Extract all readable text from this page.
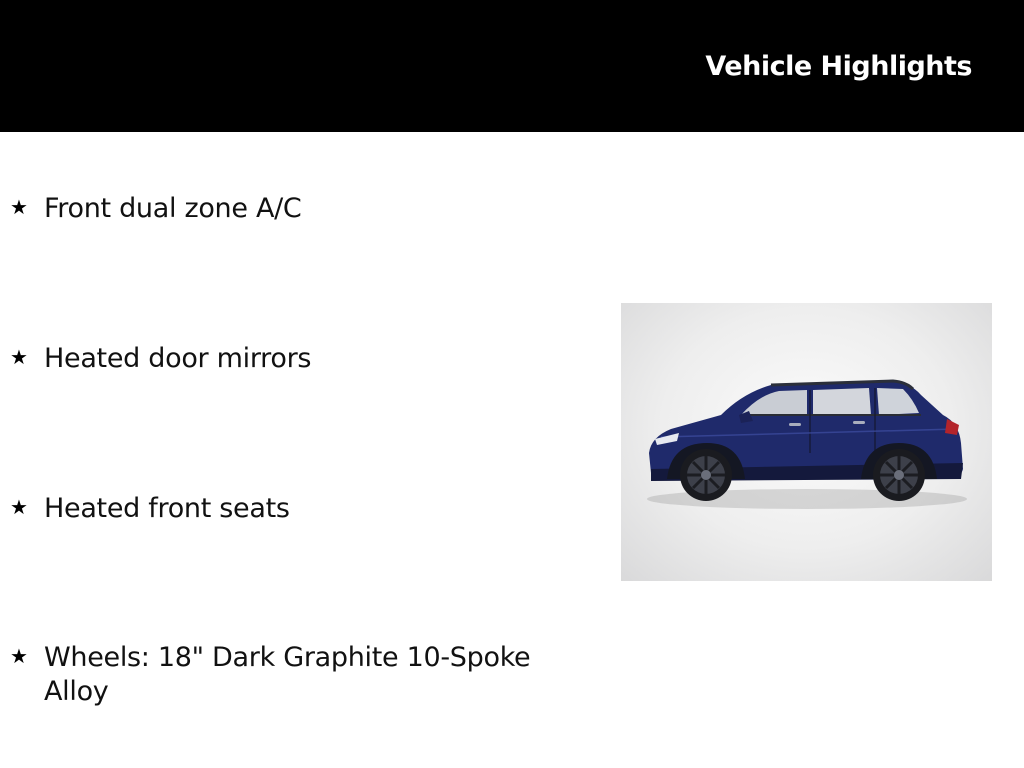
Vehicle Highlights
★ Front dual zone A/C
★ Heated door mirrors
★ Heated front seats
★ Wheels: 18" Dark Graphite 10-Spoke Alloy
